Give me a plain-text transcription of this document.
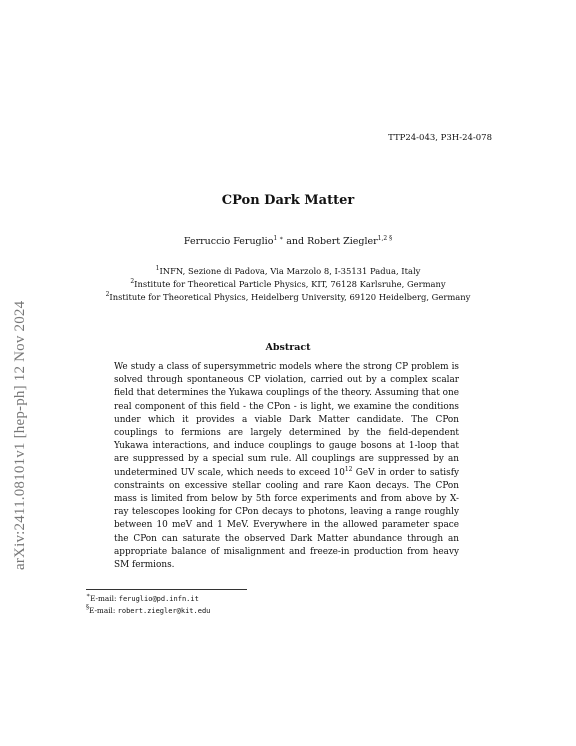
TTP24-043, P3H-24-078
arXiv:2411.08101v1 [hep-ph] 12 Nov 2024
CPon Dark Matter
Ferruccio Feruglio$^{1 ∗}$ and Robert Ziegler$^{1,2 \S}$
$^1$INFN, Sezione di Padova, Via Marzolo 8, I-35131 Padua, Italy
$^2$Institute for Theoretical Particle Physics, KIT, 76128 Karlsruhe, Germany
$^2$Institute for Theoretical Physics, Heidelberg University, 69120 Heidelberg, Germany
Abstract
We study a class of supersymmetric models where the strong CP problem is solved through spontaneous CP violation, carried out by a complex scalar field that determines the Yukawa couplings of the theory. Assuming that one real component of this field - the CPon - is light, we examine the conditions under which it provides a viable Dark Matter candidate. The CPon couplings to fermions are largely determined by the field-dependent Yukawa interactions, and induce couplings to gauge bosons at 1-loop that are suppressed by a special sum rule. All couplings are suppressed by an undetermined UV scale, which needs to exceed $10^{12}$ GeV in order to satisfy constraints on excessive stellar cooling and rare Kaon decays. The CPon mass is limited from below by 5th force experiments and from above by X-ray telescopes looking for CPon decays to photons, leaving a range roughly between 10 meV and 1 MeV. Everywhere in the allowed parameter space the CPon can saturate the observed Dark Matter abundance through an appropriate balance of misalignment and freeze-in production from heavy SM fermions.
∗E-mail: feruglio@pd.infn.it
§E-mail: robert.ziegler@kit.edu
